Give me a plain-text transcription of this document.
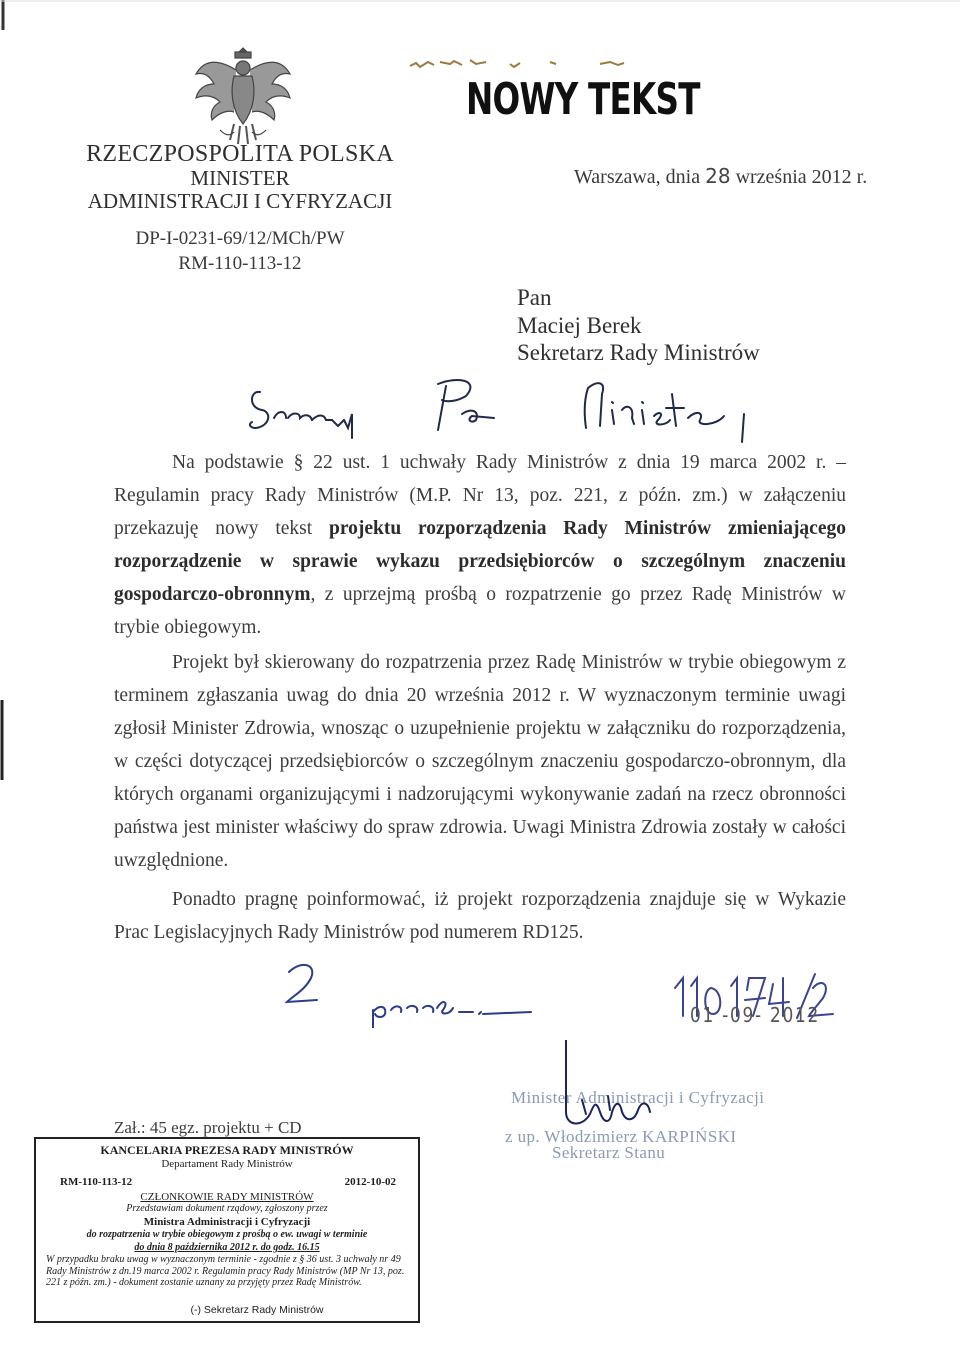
RZECZPOSPOLITA POLSKA
MINISTER
ADMINISTRACJI I CYFRYZACJI
DP-I-0231-69/12/MCh/PW
RM-110-113-12
NOWY TEKST
Warszawa, dnia 28 września 2012 r.
Pan
Maciej Berek
Sekretarz Rady Ministrów
Na podstawie § 22 ust. 1 uchwały Rady Ministrów z dnia 19 marca 2002 r. – Regulamin pracy Rady Ministrów (M.P. Nr 13, poz. 221, z późn. zm.) w załączeniu przekazuję nowy tekst projektu rozporządzenia Rady Ministrów zmieniającego rozporządzenie w sprawie wykazu przedsiębiorców o szczególnym znaczeniu gospodarczo-obronnym, z uprzejmą prośbą o rozpatrzenie go przez Radę Ministrów w trybie obiegowym.
Projekt był skierowany do rozpatrzenia przez Radę Ministrów w trybie obiegowym z terminem zgłaszania uwag do dnia 20 września 2012 r. W wyznaczonym terminie uwagi zgłosił Minister Zdrowia, wnosząc o uzupełnienie projektu w załączniku do rozporządzenia, w części dotyczącej przedsiębiorców o szczególnym znaczeniu gospodarczo-obronnym, dla których organami organizującymi i nadzorującymi wykonywanie zadań na rzecz obronności państwa jest minister właściwy do spraw zdrowia. Uwagi Ministra Zdrowia zostały w całości uwzględnione.
Ponadto pragnę poinformować, iż projekt rozporządzenia znajduje się w Wykazie Prac Legislacyjnych Rady Ministrów pod numerem RD125.
01 -09- 2012
Minister Administracji i Cyfryzacji
z up. Włodzimierz KARPIŃSKI
Sekretarz Stanu
Zał.: 45 egz. projektu + CD
KANCELARIA PREZESA RADY MINISTRÓW
Departament Rady Ministrów
RM-110-113-12	2012-10-02
CZŁONKOWIE RADY MINISTRÓW
Przedstawiam dokument rządowy, zgłoszony przez
Ministra Administracji i Cyfryzacji
do rozpatrzenia w trybie obiegowym z prośbą o ew. uwagi w terminie
do dnia 8 października 2012 r. do godz. 16.15
W przypadku braku uwag w wyznaczonym terminie - zgodnie z § 36 ust. 3 uchwały nr 49 Rady Ministrów z dn.19 marca 2002 r. Regulamin pracy Rady Ministrów (MP Nr 13, poz. 221 z późn. zm.) - dokument zostanie uznany za przyjęty przez Radę Ministrów.
(-) Sekretarz Rady Ministrów
